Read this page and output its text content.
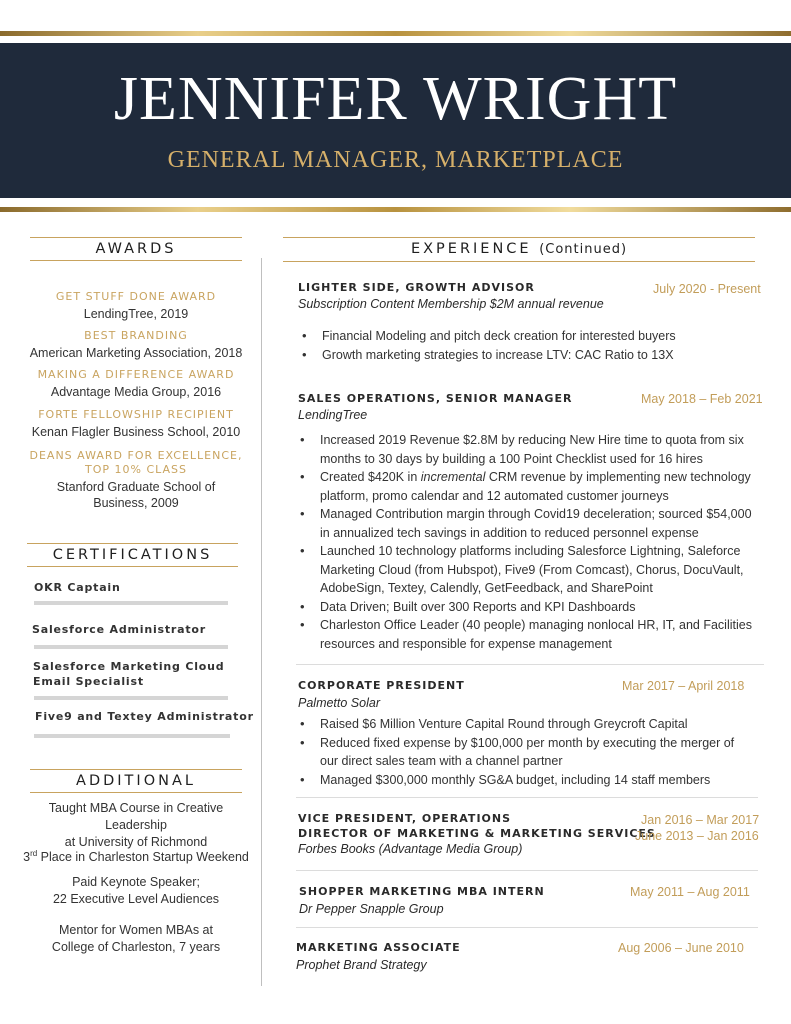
JENNIFER WRIGHT
GENERAL MANAGER, MARKETPLACE
AWARDS
GET STUFF DONE AWARD
LendingTree, 2019
BEST BRANDING
American Marketing Association, 2018
MAKING A DIFFERENCE AWARD
Advantage Media Group, 2016
FORTE FELLOWSHIP RECIPIENT
Kenan Flagler Business School, 2010
DEANS AWARD FOR EXCELLENCE,
TOP 10% CLASS
Stanford Graduate School of
Business, 2009
CERTIFICATIONS
OKR Captain
Salesforce Administrator
Salesforce Marketing Cloud
Email Specialist
Five9 and Textey Administrator
ADDITIONAL
Taught MBA Course in Creative Leadership
at University of Richmond
3rd Place in Charleston Startup Weekend
Paid Keynote Speaker;
22 Executive Level Audiences
Mentor for Women MBAs at
College of Charleston, 7 years
EXPERIENCE (Continued)
LIGHTER SIDE, GROWTH ADVISOR	July 2020 - Present
Subscription Content Membership $2M annual revenue
• Financial Modeling and pitch deck creation for interested buyers
• Growth marketing strategies to increase LTV: CAC Ratio to 13X
SALES OPERATIONS, SENIOR MANAGER	May 2018 – Feb 2021
LendingTree
• Increased 2019 Revenue $2.8M by reducing New Hire time to quota from six months to 30 days by building a 100 Point Checklist used for 16 hires
• Created $420K in incremental CRM revenue by implementing new technology platform, promo calendar and 12 automated customer journeys
• Managed Contribution margin through Covid19 deceleration; sourced $54,000 in annualized tech savings in addition to reduced personnel expense
• Launched 10 technology platforms including Salesforce Lightning, Saleforce Marketing Cloud (from Hubspot), Five9 (From Comcast), Chorus, DocuVault, AdobeSign, Textey, Calendly, GetFeedback, and SharePoint
• Data Driven; Built over 300 Reports and KPI Dashboards
• Charleston Office Leader (40 people) managing nonlocal HR, IT, and Facilities resources and responsible for expense management
CORPORATE PRESIDENT	Mar 2017 – April 2018
Palmetto Solar
• Raised $6 Million Venture Capital Round through Greycroft Capital
• Reduced fixed expense by $100,000 per month by executing the merger of our direct sales team with a channel partner
• Managed $300,000 monthly SG&A budget, including 14 staff members
VICE PRESIDENT, OPERATIONS	Jan 2016 – Mar 2017
DIRECTOR OF MARKETING & MARKETING SERVICES
June 2013 – Jan 2016
Forbes Books (Advantage Media Group)
SHOPPER MARKETING MBA INTERN	May 2011 – Aug 2011
Dr Pepper Snapple Group
MARKETING ASSOCIATE	Aug 2006 – June 2010
Prophet Brand Strategy
